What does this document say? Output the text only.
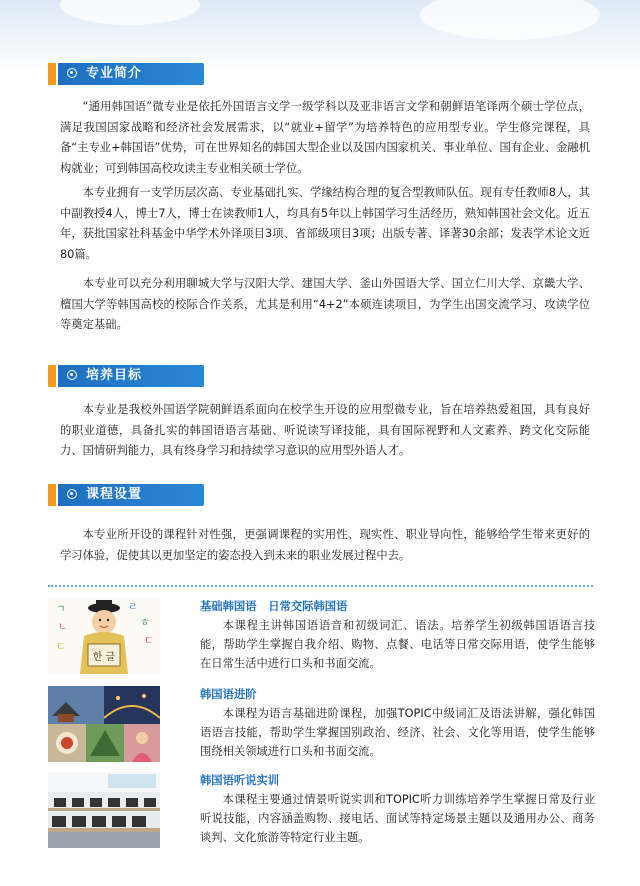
专业简介

“通用韩国语”微专业是依托外国语言文学一级学科以及亚非语言文学和朝鲜语笔译两个硕士学位点，满足我国国家战略和经济社会发展需求，以“就业+留学”为培养特色的应用型专业。学生修完课程，具备“主专业+韩国语”优势，可在世界知名的韩国大型企业以及国内国家机关、事业单位、国有企业、金融机构就业；可到韩国高校攻读主专业相关硕士学位。

本专业拥有一支学历层次高、专业基础扎实、学缘结构合理的复合型教师队伍。现有专任教师8人，其中副教授4人，博士7人，博士在读教师1人，均具有5年以上韩国学习生活经历，熟知韩国社会文化。近五年，获批国家社科基金中华学术外译项目3项、省部级项目3项；出版专著、译著30余部；发表学术论文近80篇。

本专业可以充分利用聊城大学与汉阳大学、建国大学、釜山外国语大学、国立仁川大学、京畿大学、檀国大学等韩国高校的校际合作关系，尤其是利用“4+2”本硕连读项目，为学生出国交流学习、攻读学位等奠定基础。

培养目标

本专业是我校外国语学院朝鲜语系面向在校学生开设的应用型微专业，旨在培养热爱祖国，具有良好的职业道德，具备扎实的韩国语语言基础、听说读写译技能，具有国际视野和人文素养、跨文化交际能力、国情研判能力，具有终身学习和持续学习意识的应用型外语人才。

课程设置

本专业所开设的课程针对性强，更强调课程的实用性、现实性、职业导向性，能够给学生带来更好的学习体验，促使其以更加坚定的姿态投入到未来的职业发展过程中去。

ㄱ
ㄴ
ㄷ
ㄹ
ㅎ
ㄷ
한 글
基础韩国语   日常交际韩国语

本课程主讲韩国语语音和初级词汇、语法。培养学生初级韩国语语言技能，帮助学生掌握自我介绍、购物、点餐、电话等日常交际用语，使学生能够在日常生活中进行口头和书面交流。

韩国语进阶

本课程为语言基础进阶课程，加强TOPIC中级词汇及语法讲解，强化韩国语语言技能，帮助学生掌握国别政治、经济、社会、文化等用语，使学生能够围绕相关领域进行口头和书面交流。

韩国语听说实训

本课程主要通过情景听说实训和TOPIC听力训练培养学生掌握日常及行业听说技能，内容涵盖购物、接电话、面试等特定场景主题以及通用办公、商务谈判、文化旅游等特定行业主题。
